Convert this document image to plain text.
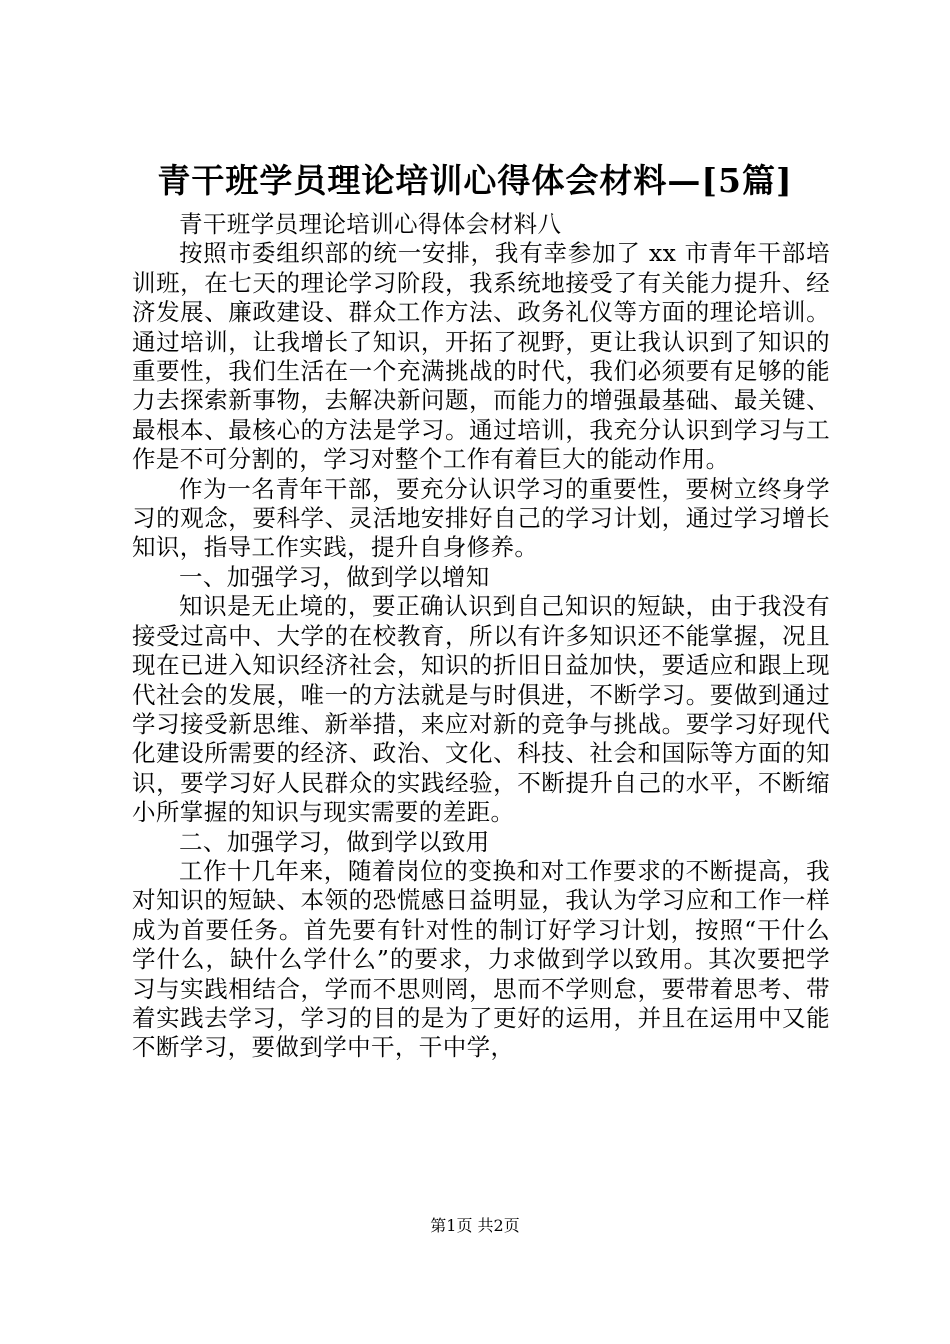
青干班学员理论培训心得体会材料—[5篇]

青干班学员理论培训心得体会材料八

按照市委组织部的统一安排，我有幸参加了 xx 市青年干部培训班，在七天的理论学习阶段，我系统地接受了有关能力提升、经济发展、廉政建设、群众工作方法、政务礼仪等方面的理论培训。通过培训，让我增长了知识，开拓了视野，更让我认识到了知识的重要性，我们生活在一个充满挑战的时代，我们必须要有足够的能力去探索新事物，去解决新问题，而能力的增强最基础、最关键、最根本、最核心的方法是学习。通过培训，我充分认识到学习与工作是不可分割的，学习对整个工作有着巨大的能动作用。

作为一名青年干部，要充分认识学习的重要性，要树立终身学习的观念，要科学、灵活地安排好自己的学习计划，通过学习增长知识，指导工作实践，提升自身修养。

一、加强学习，做到学以增知

知识是无止境的，要正确认识到自己知识的短缺，由于我没有接受过高中、大学的在校教育，所以有许多知识还不能掌握，况且现在已进入知识经济社会，知识的折旧日益加快，要适应和跟上现代社会的发展，唯一的方法就是与时俱进，不断学习。要做到通过学习接受新思维、新举措，来应对新的竞争与挑战。要学习好现代化建设所需要的经济、政治、文化、科技、社会和国际等方面的知识，要学习好人民群众的实践经验，不断提升自己的水平，不断缩小所掌握的知识与现实需要的差距。

二、加强学习，做到学以致用

工作十几年来，随着岗位的变换和对工作要求的不断提高，我对知识的短缺、本领的恐慌感日益明显，我认为学习应和工作一样成为首要任务。首先要有针对性的制订好学习计划，按照“干什么学什么，缺什么学什么”的要求，力求做到学以致用。其次要把学习与实践相结合，学而不思则罔，思而不学则怠，要带着思考、带着实践去学习，学习的目的是为了更好的运用，并且在运用中又能不断学习，要做到学中干，干中学，

第1页 共2页
